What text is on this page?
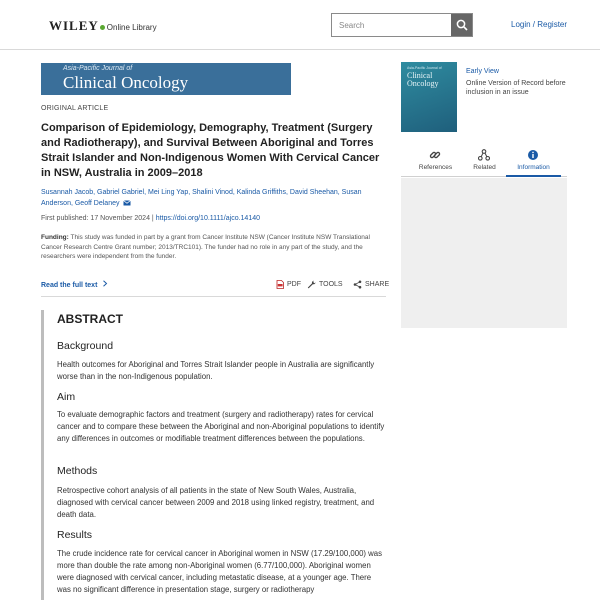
WILEY Online Library
Search	Login / Register
Asia-Pacific Journal of
Clinical Oncology
ORIGINAL ARTICLE
Comparison of Epidemiology, Demography, Treatment (Surgery and Radiotherapy), and Survival Between Aboriginal and Torres Strait Islander and Non-Indigenous Women With Cervical Cancer in NSW, Australia in 2009–2018
Susannah Jacob, Gabriel Gabriel, Mei Ling Yap, Shalini Vinod, Kalinda Griffiths, David Sheehan, Susan Anderson, Geoff Delaney
First published: 17 November 2024 | https://doi.org/10.1111/ajco.14140
Funding: This study was funded in part by a grant from Cancer Institute NSW (Cancer Institute NSW Translational Cancer Research Centre Grant number; 2013/TRC101). The funder had no role in any part of the study, and the researchers were independent from the funder.
Read the full text	PDF	TOOLS	SHARE
ABSTRACT
Background

Health outcomes for Aboriginal and Torres Strait Islander people in Australia are significantly worse than in the non-Indigenous population.

Aim

To evaluate demographic factors and treatment (surgery and radiotherapy) rates for cervical cancer and to compare these between the Aboriginal and non-Aboriginal populations to identify any differences in outcomes or modifiable treatment differences between the populations.

Methods

Retrospective cohort analysis of all patients in the state of New South Wales, Australia, diagnosed with cervical cancer between 2009 and 2018 using linked registry, treatment, and death data.

Results

The crude incidence rate for cervical cancer in Aboriginal women in NSW (17.29/100,000) was more than double the rate among non-Aboriginal women (6.77/100,000). Aboriginal women were diagnosed with cervical cancer, including metastatic disease, at a younger age. There was no significant difference in presentation stage, surgery or radiotherapy

Asia-Pacific Journal of
Clinical Oncology
Early View
Online Version of Record before inclusion in an issue
References	Related	Information
